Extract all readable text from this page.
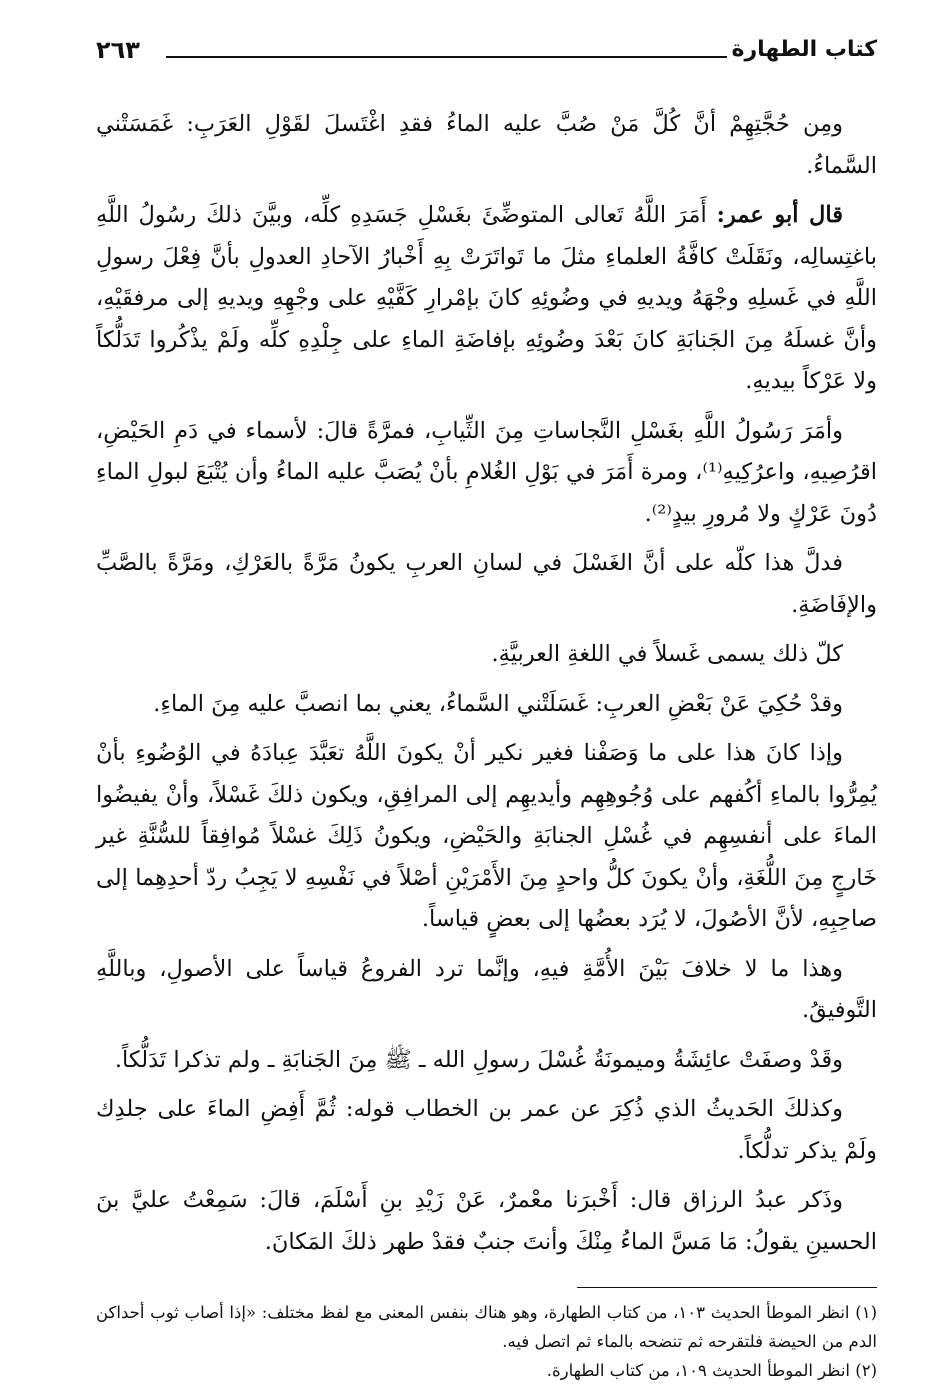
كتاب الطهارة
٢٦٣

ومِن حُجَّتِهِمْ أنَّ كُلَّ مَنْ صُبَّ عليه الماءُ فقدِ اغْتَسلَ لقَوْلِ العَرَبِ: غَمَسَتْني السَّماءُ.

قال أبو عمر: أَمَرَ اللَّهُ تَعالى المتوضِّئَ بغَسْلِ جَسَدِهِ كلِّه، وبيَّنَ ذلكَ رسُولُ اللَّهِ باغتِسالِه، ونَقَلَتْ كافَّةُ العلماءِ مثلَ ما تَواتَرَتْ بِهِ أَخْبارُ الآحادِ العدولِ بأنَّ فِعْلَ رسولِ اللَّهِ في غَسلِهِ وجْهَهُ ويديهِ في وضُوئِهِ كانَ بإمْرارِ كَفَّيْهِ على وجْهِهِ ويديهِ إلى مرفقَيْهِ، وأنَّ غسلَهُ مِنَ الجَنابَةِ كانَ بَعْدَ وضُوئِهِ بإفاضَةِ الماءِ على جِلْدِهِ كلِّه ولَمْ يذْكُروا تَدَلُّكاً ولا عَرْكاً بيديهِ.

وأمَرَ رَسُولُ اللَّهِ بغَسْلِ النَّجاساتِ مِنَ الثِّيابِ، فمرَّةً قالَ: لأسماء في دَمِ الحَيْضِ، اقرُصِيهِ، واعرُكِيهِ⁽¹⁾، ومرة أَمَرَ في بَوْلِ الغُلامِ بأنْ يُصَبَّ عليه الماءُ وأن يُتْبَعَ لبولِ الماءِ دُونَ عَرْكٍ ولا مُرورِ بيدٍ⁽²⁾.

فدلَّ هذا كلّه على أنَّ الغَسْلَ في لسانِ العربِ يكونُ مَرَّةً بالعَرْكِ، ومَرَّةً بالصَّبِّ والإفَاضَةِ.

كلّ ذلك يسمى غَسلاً في اللغةِ العربيَّةِ.

وقدْ حُكِيَ عَنْ بَعْضِ العربِ: غَسَلَتْني السَّماءُ، يعني بما انصبَّ عليه مِنَ الماءِ.

وإذا كانَ هذا على ما وَصَفْنا فغير نكير أنْ يكونَ اللَّهُ تعَبَّدَ عِبادَهُ في الوُضُوءِ بأنْ يُمِرُّوا بالماءِ أكُفهم على وُجُوهِهِم وأيديهِم إلى المرافِقِ، ويكون ذلكَ غَسْلاً، وأنْ يفيضُوا الماءَ على أنفسِهِم في غُسْلِ الجنابَةِ والحَيْضِ، ويكونُ ذَلِكَ غسْلاً مُوافِقاً للسُّنَّةِ غير خَارجٍ مِنَ اللُّغَةِ، وأنْ يكونَ كلُّ واحدٍ مِنَ الأَمْرَيْنِ أصْلاً في نَفْسِهِ لا يَجِبُ ردّ أحدِهِما إلى صاحِبِهِ، لأنَّ الأصُولَ، لا يُرَد بعضُها إلى بعضٍ قياساً.

وهذا ما لا خلافَ بَيْنَ الأُمَّةِ فيهِ، وإنَّما ترد الفروعُ قياساً على الأصولِ، وباللَّهِ التَّوفيقُ.

وقَدْ وصفَتْ عائِشَةُ وميمونَةُ غُسْلَ رسولِ الله ـ ﷺ مِنَ الجَنابَةِ ـ ولم تذكرا تَدَلُّكاً.

وكذلكَ الحَديثُ الذي ذُكِرَ عن عمر بن الخطاب قوله: ثُمَّ أَفِضِ الماءَ على جلدِك ولَمْ يذكر تدلُّكاً.

وذَكر عبدُ الرزاق قال: أَخْبرَنا معْمرٌ، عَنْ زَيْدِ بنِ أَسْلَمَ، قالَ: سَمِعْتُ عليَّ بنَ الحسينِ يقولُ: مَا مَسَّ الماءُ مِنْكَ وأنتَ جنبٌ فقدْ طهر ذلكَ المَكانَ.

(١) انظر الموطأ الحديث ١٠٣، من كتاب الطهارة، وهو هناك بنفس المعنى مع لفظ مختلف: «إذا أصاب ثوب أحداكن الدم من الحيضة فلتقرحه ثم تنضحه بالماء ثم اتصل فيه.

(٢) انظر الموطأ الحديث ١٠٩، من كتاب الطهارة.
